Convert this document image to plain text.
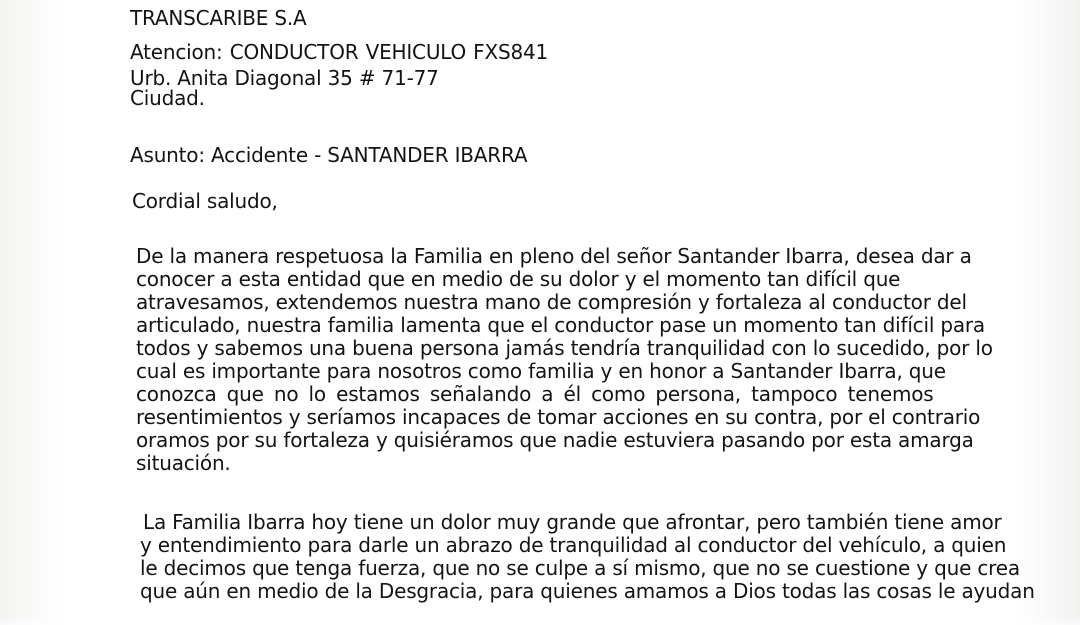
TRANSCARIBE S.A
Atencion: CONDUCTOR VEHICULO FXS841
Urb. Anita Diagonal 35 # 71-77
Ciudad.
Asunto: Accidente - SANTANDER IBARRA
Cordial saludo,
De la manera respetuosa la Familia en pleno del señor Santander Ibarra, desea dar a
conocer a esta entidad que en medio de su dolor y el momento tan difícil que
atravesamos, extendemos nuestra mano de compresión y fortaleza al conductor del
articulado, nuestra familia lamenta que el conductor pase un momento tan difícil para
todos y sabemos una buena persona jamás tendría tranquilidad con lo sucedido, por lo
cual es importante para nosotros como familia y en honor a Santander Ibarra, que
conozca que no lo estamos señalando a él como persona, tampoco tenemos
resentimientos y seríamos incapaces de tomar acciones en su contra, por el contrario
oramos por su fortaleza y quisiéramos que nadie estuviera pasando por esta amarga
situación.
La Familia Ibarra hoy tiene un dolor muy grande que afrontar, pero también tiene amor
y entendimiento para darle un abrazo de tranquilidad al conductor del vehículo, a quien
le decimos que tenga fuerza, que no se culpe a sí mismo, que no se cuestione y que crea
que aún en medio de la Desgracia, para quienes amamos a Dios todas las cosas le ayudan
